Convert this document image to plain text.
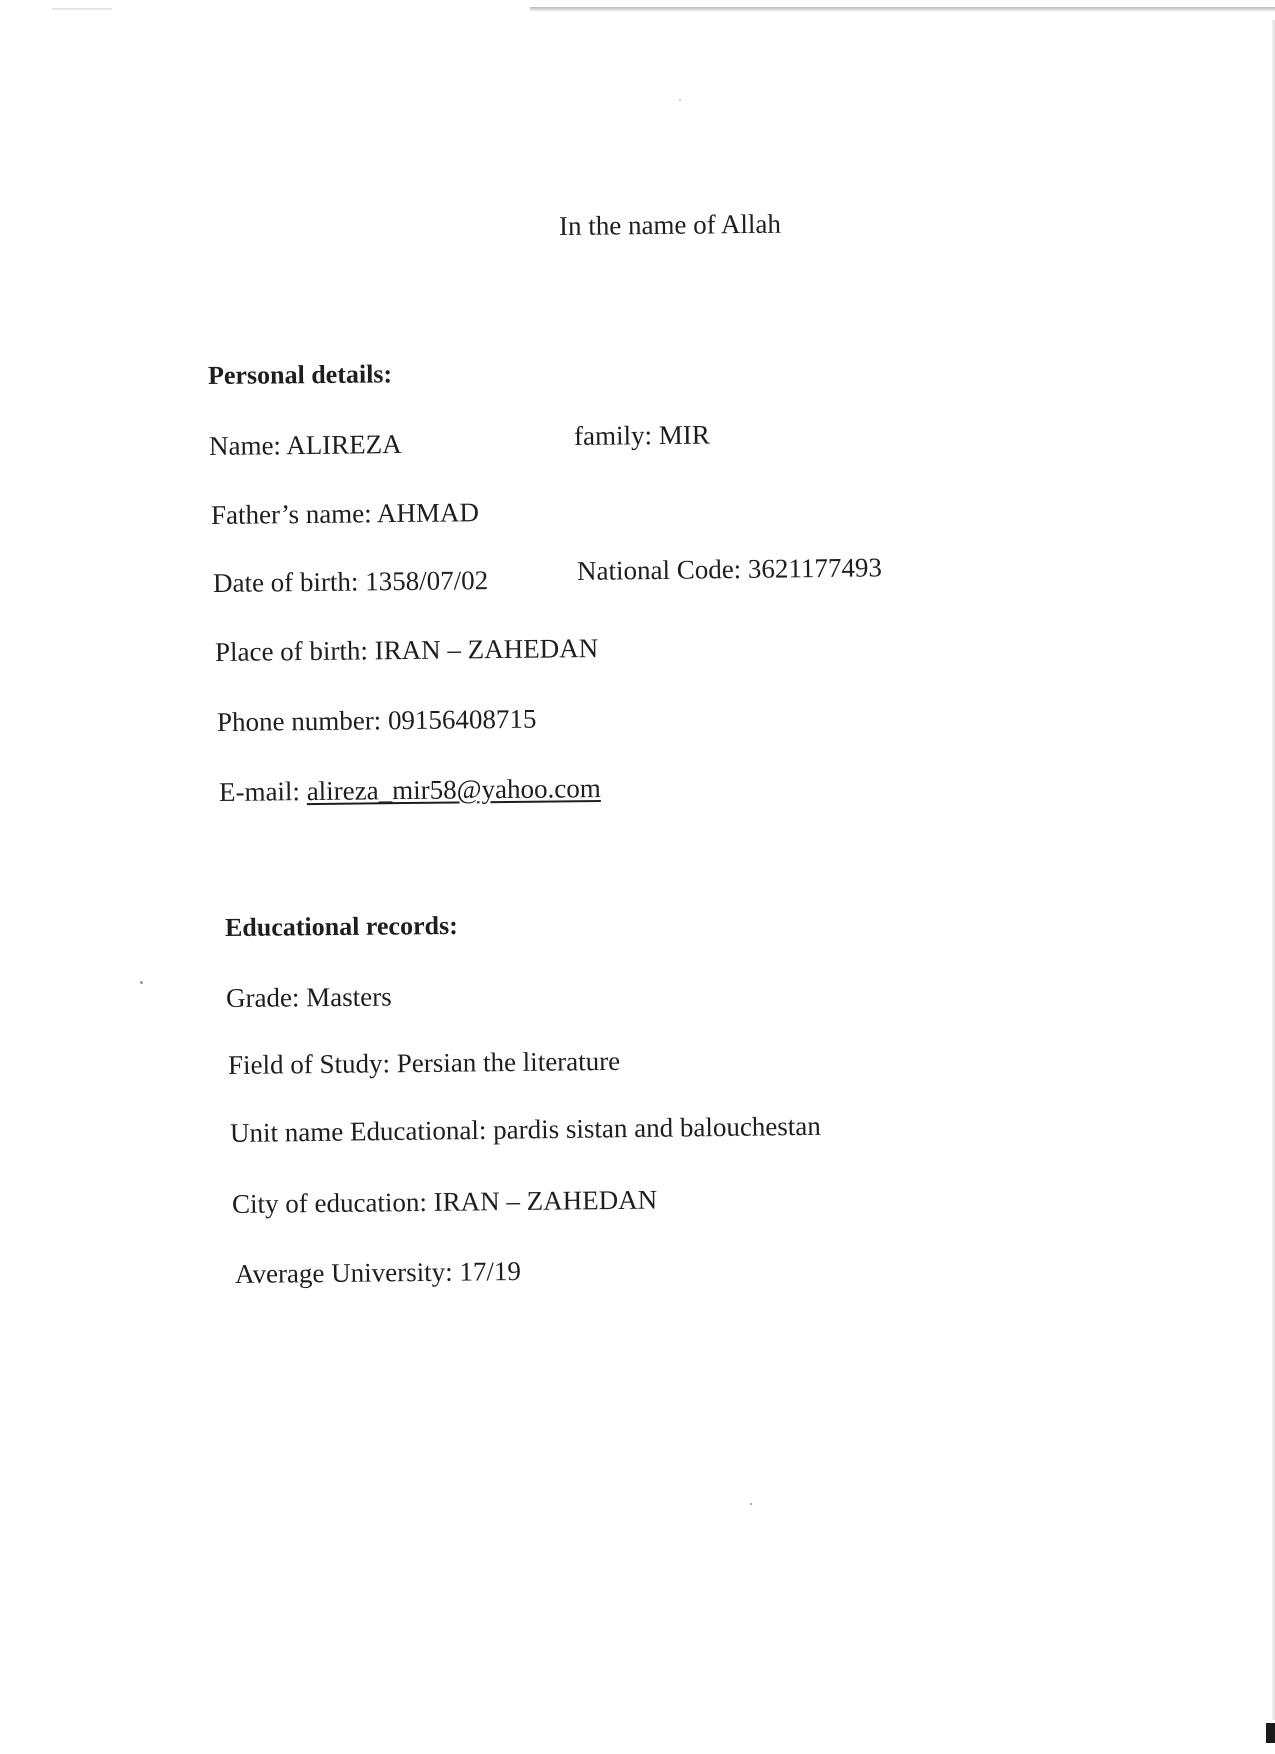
In the name of Allah

Personal details:

Name: ALIREZA	family: MIR

Father’s name: AHMAD

Date of birth: 1358/07/02	National Code: 3621177493

Place of birth: IRAN – ZAHEDAN

Phone number: 09156408715

E-mail: alireza_mir58@yahoo.com

Educational records:

Grade: Masters

Field of Study: Persian the literature

Unit name Educational: pardis sistan and balouchestan

City of education: IRAN – ZAHEDAN

Average University: 17/19
